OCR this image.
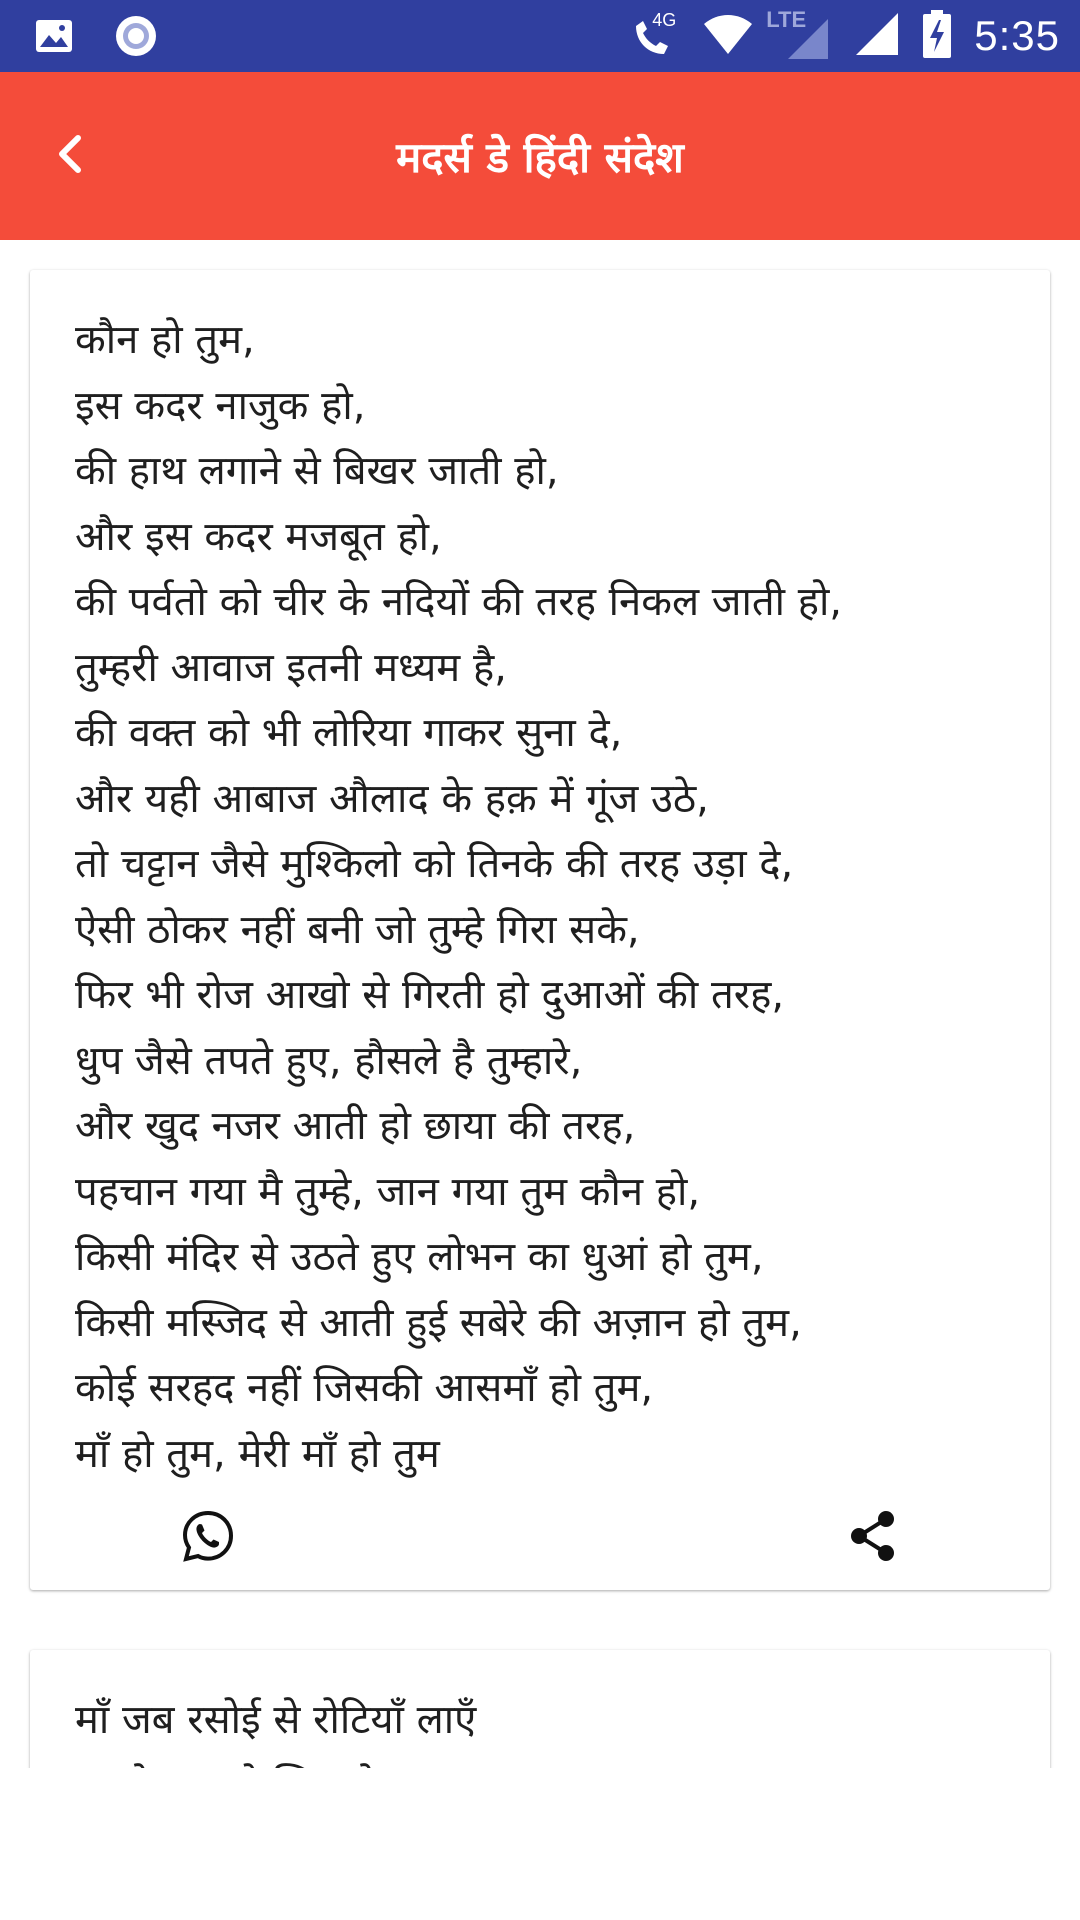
4G	LTE	5:35
मदर्स डे हिंदी संदेश
कौन हो तुम,
इस कदर नाजुक हो,
की हाथ लगाने से बिखर जाती हो,
और इस कदर मजबूत हो,
की पर्वतो को चीर के नदियों की तरह निकल जाती हो,
तुम्हरी आवाज इतनी मध्यम है,
की वक्त को भी लोरिया गाकर सुना दे,
और यही आबाज औलाद के हक़ में गूंज उठे,
तो चट्टान जैसे मुश्किलो को तिनके की तरह उड़ा दे,
ऐसी ठोकर नहीं बनी जो तुम्हे गिरा सके,
फिर भी रोज आखो से गिरती हो दुआओं की तरह,
धुप जैसे तपते हुए, हौसले है तुम्हारे,
और खुद नजर आती हो छाया की तरह,
पहचान गया मै तुम्हे, जान गया तुम कौन हो,
किसी मंदिर से उठते हुए लोभन का धुआं हो तुम,
किसी मस्जिद से आती हुई सबेरे की अज़ान हो तुम,
कोई सरहद नहीं जिसकी आसमाँ हो तुम,
माँ हो तुम, मेरी माँ हो तुम
माँ जब रसोई से रोटियाँ लाएँ
